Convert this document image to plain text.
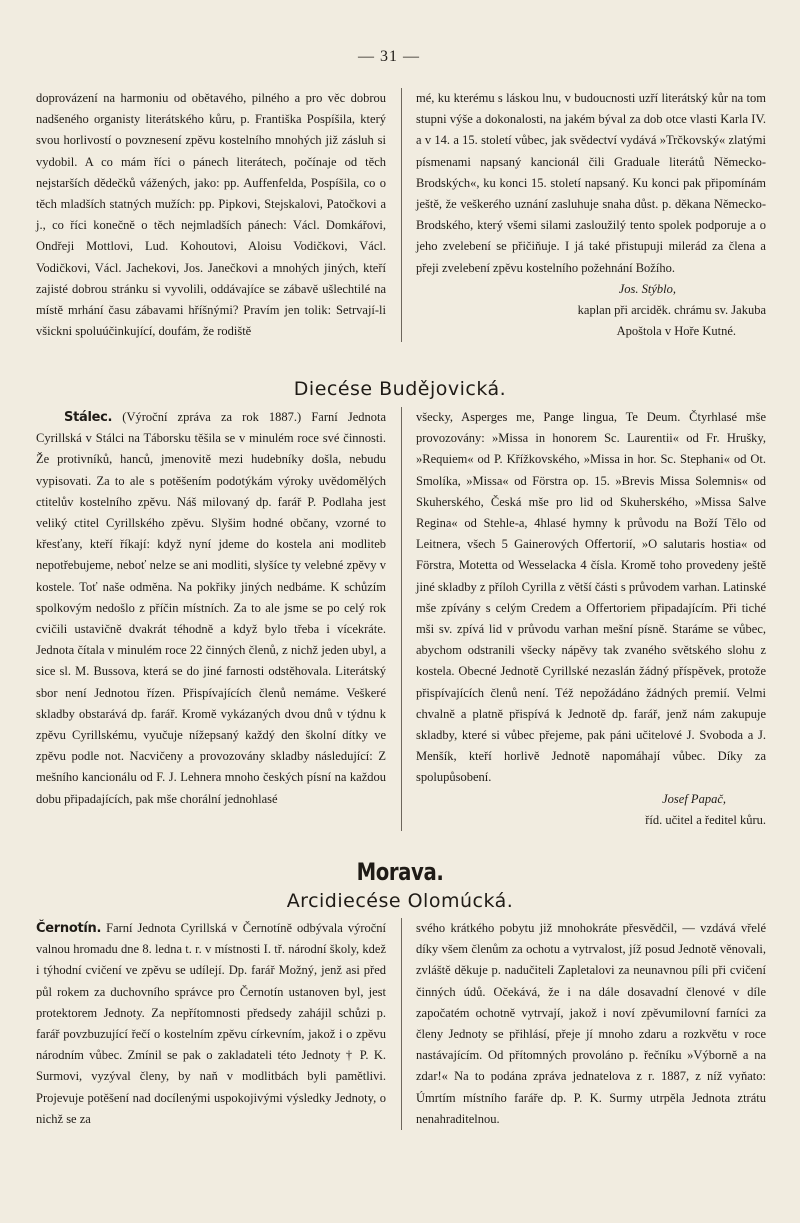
— 31 —

doprovázení na harmoniu od obětavého, pilného a pro věc dobrou nadšeného organisty literátského kůru, p. Františka Pospíšila, který svou horlivostí o povznesení zpěvu kostelního mnohých již zásluh si vydobil. A co mám říci o pánech literátech, počínaje od těch nejstarších dědečků vážených, jako: pp. Auffenfelda, Pospíšila, co o těch mladších statných mužích: pp. Pipkovi, Stejskalovi, Patočkovi a j., co říci konečně o těch nejmladších pánech: Václ. Domkářovi, Ondřeji Mottlovi, Lud. Kohoutovi, Aloisu Vodičkovi, Václ. Vodičkovi, Václ. Jachekovi, Jos. Janečkovi a mnohých jiných, kteří zajisté dobrou stránku si vyvolili, oddávajíce se zábavě ušlechtilé na místě mrhání času zábavami hříšnými? Pravím jen tolik: Setrvají-li všickni spoluúčinkující, doufám, že rodiště

mé, ku kterému s láskou lnu, v budoucnosti uzří literátský kůr na tom stupni výše a dokonalosti, na jakém býval za dob otce vlasti Karla IV. a v 14. a 15. století vůbec, jak svědectví vydává »Trčkovský« zlatými písmenami napsaný kancionál čili Graduale literátů Německo-Brodských«, ku konci 15. století napsaný. Ku konci pak připomínám ještě, že veškerého uznání zasluhuje snaha důst. p. děkana Německo-Brodského, který všemi silami zasloužilý tento spolek podporuje a o jeho zvelebení se přičiňuje. I já také přistupuji milerád za člena a přeji zvelebení zpěvu kostelního požehnání Božího.

Jos. Stýblo,

kaplan při arciděk. chrámu sv. Jakuba

Apoštola v Hoře Kutné.

Diecése Budějovická.

Stálec. (Výroční zpráva za rok 1887.) Farní Jednota Cyrillská v Stálci na Táborsku těšila se v minulém roce své činnosti. Že protivníků, hanců, jmenovitě mezi hudebníky došla, nebudu vypisovati. Za to ale s potěšením podotýkám výroky uvědomělých ctitelův kostelního zpěvu. Náš milovaný dp. farář P. Podlaha jest veliký ctitel Cyrillského zpěvu. Slyšim hodné občany, vzorné to křesťany, kteří říkají: když nyní jdeme do kostela ani modliteb nepotřebujeme, neboť nelze se ani modliti, slyšíce ty velebné zpěvy v kostele. Toť naše odměna. Na pokřiky jiných nedbáme. K schůzím spolkovým nedošlo z příčin místních. Za to ale jsme se po celý rok cvičili ustavičně dvakrát téhodně a když bylo třeba i vícekráte. Jednota čítala v minulém roce 22 činných členů, z nichž jeden ubyl, a sice sl. M. Bussova, která se do jiné farnosti odstěhovala. Literátský sbor není Jednotou řízen. Přispívajících členů nemáme. Veškeré skladby obstarává dp. farář. Kromě vykázaných dvou dnů v týdnu k zpěvu Cyrillskému, vyučuje nížepsaný každý den školní dítky ve zpěvu podle not. Nacvičeny a provozovány skladby následující: Z mešního kancionálu od F. J. Lehnera mnoho českých písní na každou dobu připadajících, pak mše chorální jednohlasé

všecky, Asperges me, Pange lingua, Te Deum. Čtyrhlasé mše provozovány: »Missa in honorem Sc. Laurentii« od Fr. Hrušky, »Requiem« od P. Křížkovského, »Missa in hor. Sc. Stephani« od Ot. Smolíka, »Missa« od Förstra op. 15. »Brevis Missa Solemnis« od Skuherského, Česká mše pro lid od Skuherského, »Missa Salve Regina« od Stehle-a, 4hlasé hymny k průvodu na Boží Tělo od Leitnera, všech 5 Gainerových Offertorií, »O salutaris hostia« od Förstra, Motetta od Wesselacka 4 čísla. Kromě toho provedeny ještě jiné skladby z příloh Cyrilla z větší části s průvodem varhan. Latinské mše zpívány s celým Credem a Offertoriem připadajícím. Při tiché mši sv. zpívá lid v průvodu varhan mešní písně. Staráme se vůbec, abychom odstranili všecky nápěvy tak zvaného světského slohu z kostela. Obecné Jednotě Cyrillské nezaslán žádný příspěvek, protože přispívajících členů není. Též nepožádáno žádných premií. Velmi chvalně a platně přispívá k Jednotě dp. farář, jenž nám zakupuje skladby, které si vůbec přejeme, pak páni učitelové J. Svoboda a J. Menšík, kteří horlivě Jednotě napomáhají vůbec. Díky za spolupůsobení.

Josef Papač,

říd. učitel a ředitel kůru.

Morava.
Arcidiecése Olomúcká.

Černotín. Farní Jednota Cyrillská v Černotíně odbývala výroční valnou hromadu dne 8. ledna t. r. v místnosti I. tř. národní školy, kdež i týhodní cvičení ve zpěvu se udílejí. Dp. farář Možný, jenž asi před půl rokem za duchovního správce pro Černotín ustanoven byl, jest protektorem Jednoty. Za nepřítomnosti předsedy zahájil schůzi p. farář povzbuzující řečí o kostelním zpěvu církevním, jakož i o zpěvu národním vůbec. Zmínil se pak o zakladateli této Jednoty † P. K. Surmovi, vyzýval členy, by naň v modlitbách byli pamětlivi. Projevuje potěšení nad docílenými uspokojivými výsledky Jednoty, o nichž se za

svého krátkého pobytu již mnohokráte přesvědčil, — vzdává vřelé díky všem členům za ochotu a vytrvalost, jíž posud Jednotě věnovali, zvláště děkuje p. nadučiteli Zapletalovi za neunavnou píli při cvičení činných údů. Očekává, že i na dále dosavadní členové v díle započatém ochotně vytrvají, jakož i noví zpěvumilovní farníci za členy Jednoty se přihlásí, přeje jí mnoho zdaru a rozkvětu v roce nastávajícím. Od přítomných provoláno p. řečníku »Výborně a na zdar!« Na to podána zpráva jednatelova z r. 1887, z níž vyňato: Úmrtím místního faráře dp. P. K. Surmy utrpěla Jednota ztrátu nenahraditelnou.
